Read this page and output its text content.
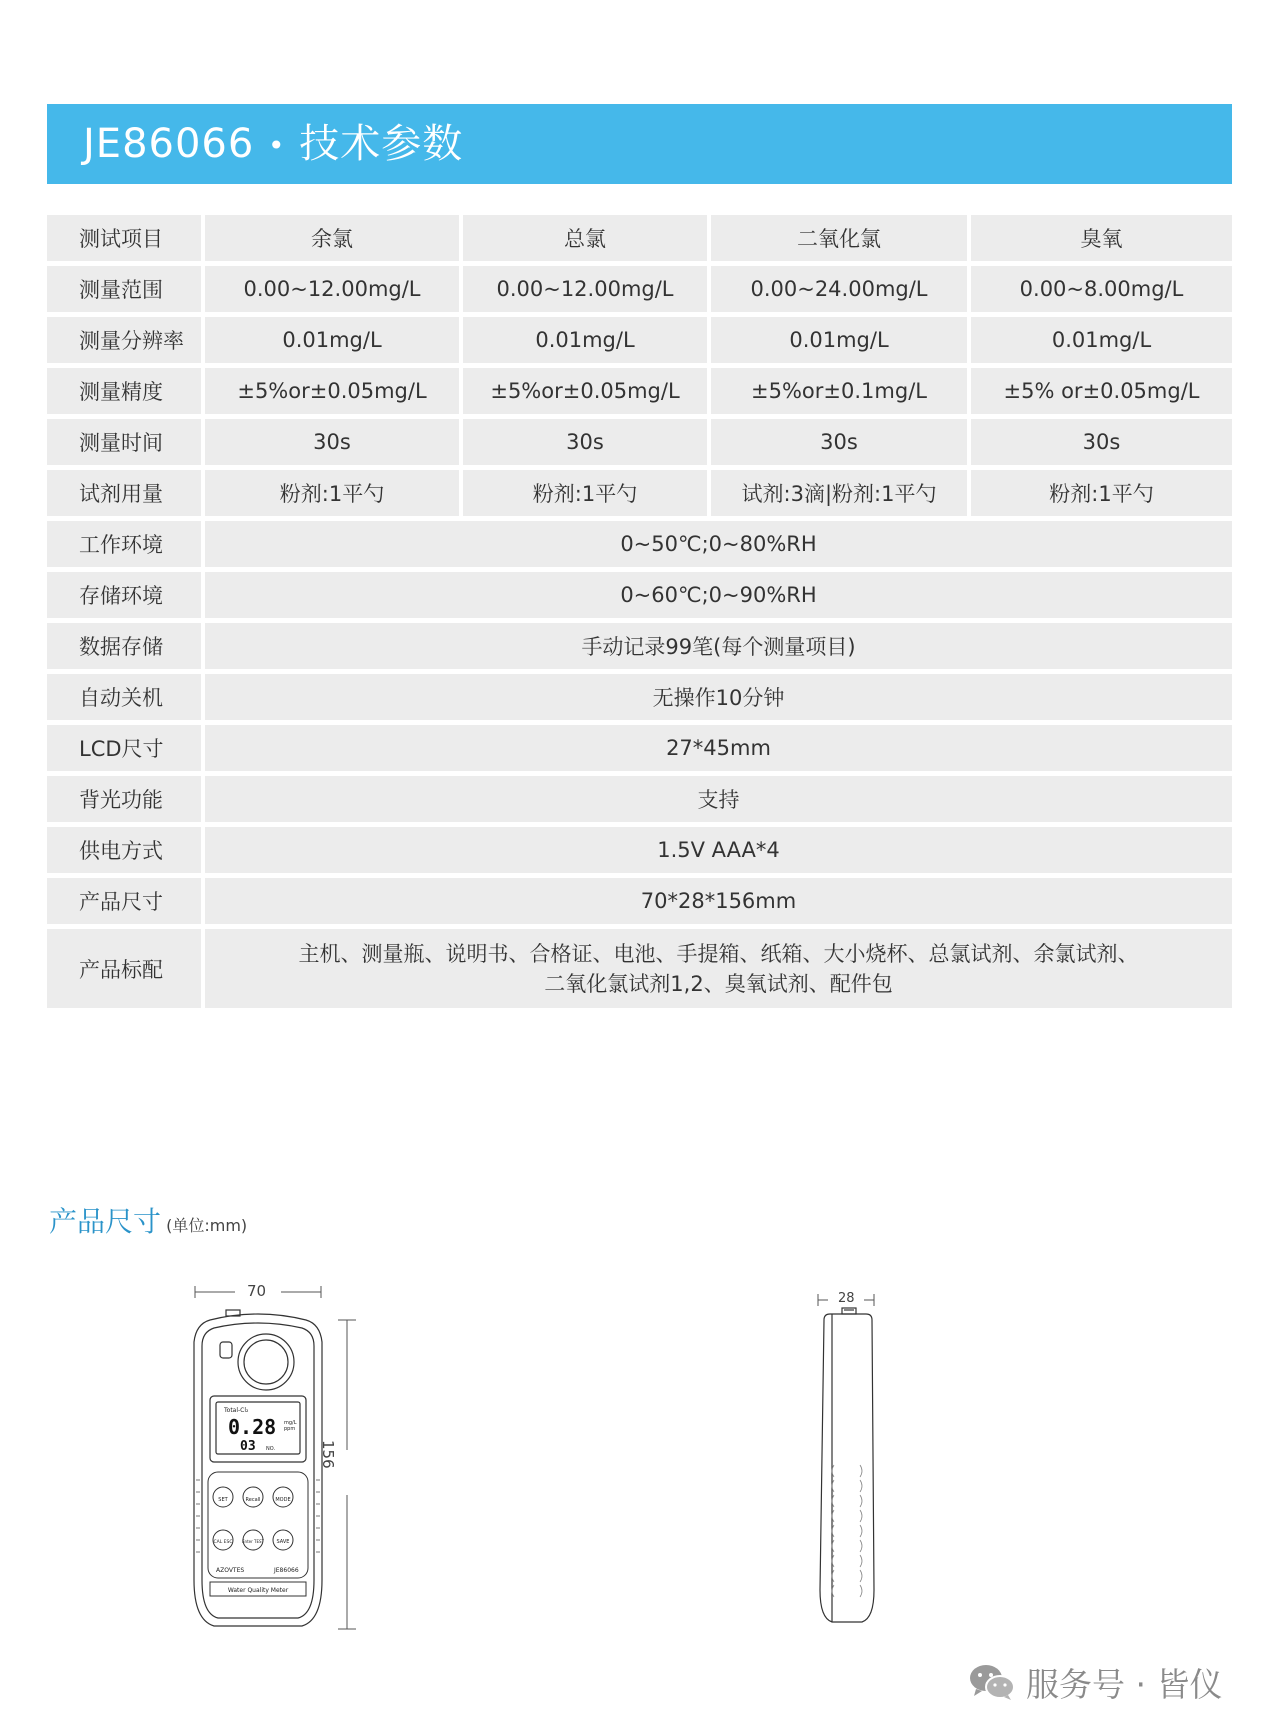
JE86066 • 技术参数
测试项目	余氯	总氯	二氧化氯	臭氧
测量范围	0.00~12.00mg/L	0.00~12.00mg/L	0.00~24.00mg/L	0.00~8.00mg/L
测量分辨率	0.01mg/L	0.01mg/L	0.01mg/L	0.01mg/L
测量精度	±5%or±0.05mg/L	±5%or±0.05mg/L	±5%or±0.1mg/L	±5% or±0.05mg/L
测量时间	30s	30s	30s	30s
试剂用量	粉剂:1平勺	粉剂:1平勺	试剂:3滴|粉剂:1平勺	粉剂:1平勺
工作环境	0~50℃;0~80%RH			
存储环境	0~60℃;0~90%RH			
数据存储	手动记录99笔(每个测量项目)			
自动关机	无操作10分钟			
LCD尺寸	27*45mm			
背光功能	支持			
供电方式	1.5V AAA*4			
产品尺寸	70*28*156mm			
产品标配	主机、测量瓶、说明书、合格证、电池、手提箱、纸箱、大小烧杯、总氯试剂、余氯试剂、
二氧化氯试剂1,2、臭氧试剂、配件包			
产品尺寸 (单位:mm)
Total-Cl₂
0.28 mg/L
ppm
03 NO.
SET	Recall	MODE
CAL ESC Enter TEST	SAVE
AZOVTES	JE86066
Water Quality Meter
70
156
28
服务号 · 皆仪
